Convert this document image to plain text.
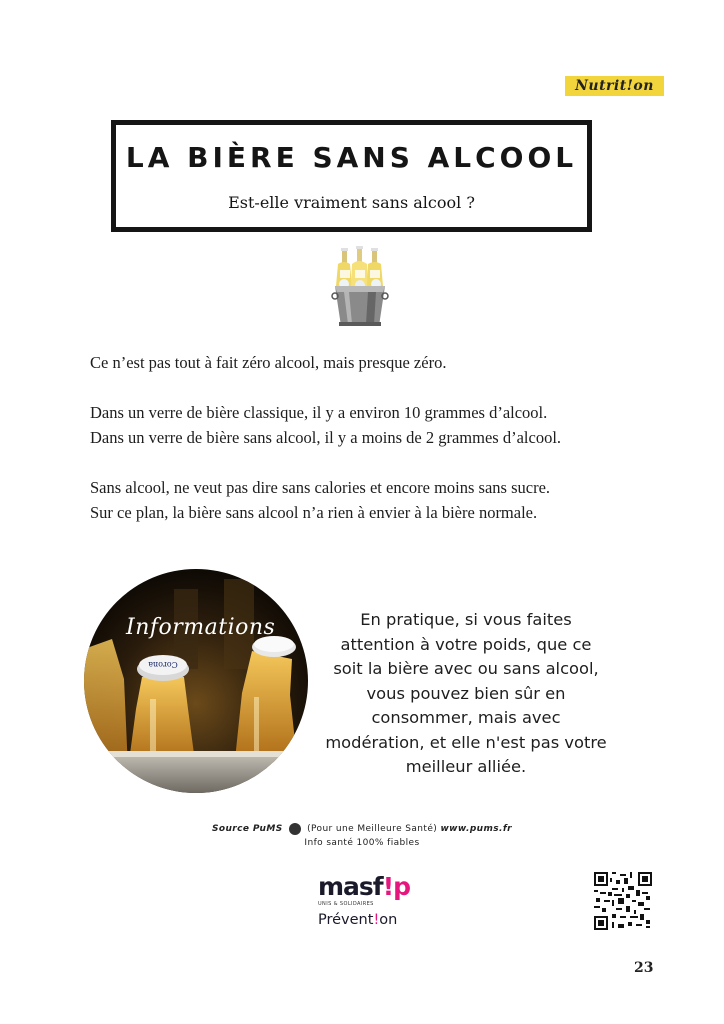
Nutrit!on
LA BIÈRE SANS ALCOOL
Est-elle vraiment sans alcool ?

Ce n’est pas tout à fait zéro alcool, mais presque zéro.

Dans un verre de bière classique, il y a environ 10 grammes d’alcool.

Dans un verre de bière sans alcool, il y a moins de 2 grammes d’alcool.

Sans alcool, ne veut pas dire sans calories et encore moins sans sucre.

Sur ce plan, la bière sans alcool n’a rien à envier à la bière normale.

Corona
Informations	En pratique, si vous faites
attention à votre poids, que ce
soit la bière avec ou sans alcool,
vous pouvez bien sûr en
consommer, mais avec
modération, et elle n'est pas votre
meilleur alliée.
Source PuMS	(Pour une Meilleure Santé) www.pums.fr
Info santé 100% fiables
masf!p
UNIS & SOLIDAIRES
Prévent!on
23
